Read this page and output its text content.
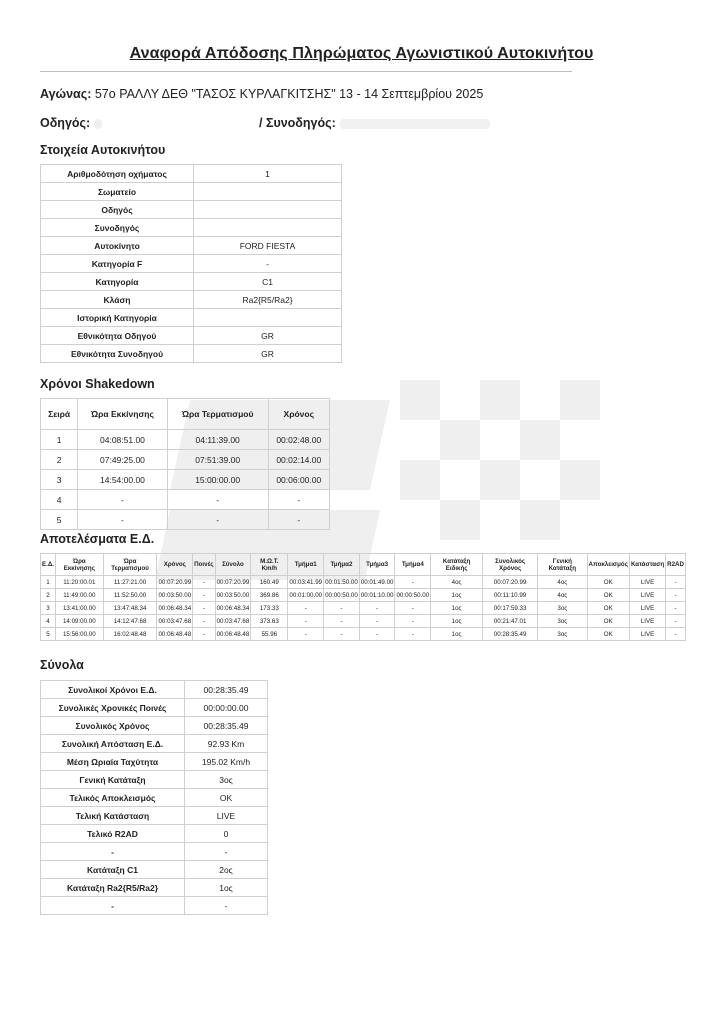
Αναφορά Απόδοσης Πληρώματος Αγωνιστικού Αυτοκινήτου
Αγώνας: 57ο ΡΑΛΛΥ ΔΕΘ "ΤΑΣΟΣ ΚΥΡΛΑΓΚΙΤΣΗΣ" 13 - 14 Σεπτεμβρίου 2025
Οδηγός:	/ Συνοδηγός:
Στοιχεία Αυτοκινήτου
Αριθμοδότηση οχήματος	1
Σωματείο	
Οδηγός	
Συνοδηγός	
Αυτοκίνητο	FORD FIESTA
Κατηγορία F	-
Κατηγορία	C1
Κλάση	Ra2{R5/Ra2}
Ιστορική Κατηγορία	
Εθνικότητα Οδηγού	GR
Εθνικότητα Συνοδηγού	GR
Χρόνοι Shakedown
Σειρά	Ώρα Εκκίνησης	Ώρα Τερματισμού	Χρόνος
1	04:08:51.00	04:11:39.00	00:02:48.00
2	07:49:25.00	07:51:39.00	00:02:14.00
3	14:54:00.00	15:00:00.00	00:06:00.00
4	-	-	-
5	-	-	-
Αποτελέσματα Ε.Δ.
Ε.Δ.	Ώρα Εκκίνησης	Ώρα Τερματισμού	Χρόνος	Ποινές	Σύνολο	Μ.Ω.Τ. Km/h	Τμήμα1	Τμήμα2	Τμήμα3	Τμήμα4	Κατάταξη Ειδικής	Συνολικός Χρόνος	Γενική Κατάταξη	Αποκλεισμός	Κατάσταση	R2AD
1	11:20:00.01	11:27:21.00	00:07:20.99	-	00:07:20.99	160.49	00:03:41.99	00:01:50.00	00:01:49.00	-	4ος	00:07:20.99	4ος	OK	LIVE	-
2	11:49:00.00	11:52:50.00	00:03:50.00	-	00:03:50.00	369.86	00:01:00.00	00:00:50.00	00:01:10.00	00:00:50.00	1ος	00:11:10.99	4ος	OK	LIVE	-
3	13:41:00.00	13:47:48.34	00:06:48.34	-	00:06:48.34	173.33	-	-	-	-	1ος	00:17:59.33	3ος	OK	LIVE	-
4	14:09:00.00	14:12:47.68	00:03:47.68	-	00:03:47.68	373.63	-	-	-	-	1ος	00:21:47.01	3ος	OK	LIVE	-
5	15:56:00.00	16:02:48.48	00:06:48.48	-	00:06:48.48	55.96	-	-	-	-	1ος	00:28:35.49	3ος	OK	LIVE	-
Σύνολα
Συνολικοί Χρόνοι Ε.Δ.	00:28:35.49
Συνολικές Χρονικές Ποινές	00:00:00.00
Συνολικός Χρόνος	00:28:35.49
Συνολική Απόσταση Ε.Δ.	92.93 Km
Μέση Ωριαία Ταχύτητα	195.02 Km/h
Γενική Κατάταξη	3ος
Τελικός Αποκλεισμός	OK
Τελική Κατάσταση	LIVE
Τελικό R2AD	0
-	-
Κατάταξη C1	2ος
Κατάταξη Ra2{R5/Ra2}	1ος
-	-
